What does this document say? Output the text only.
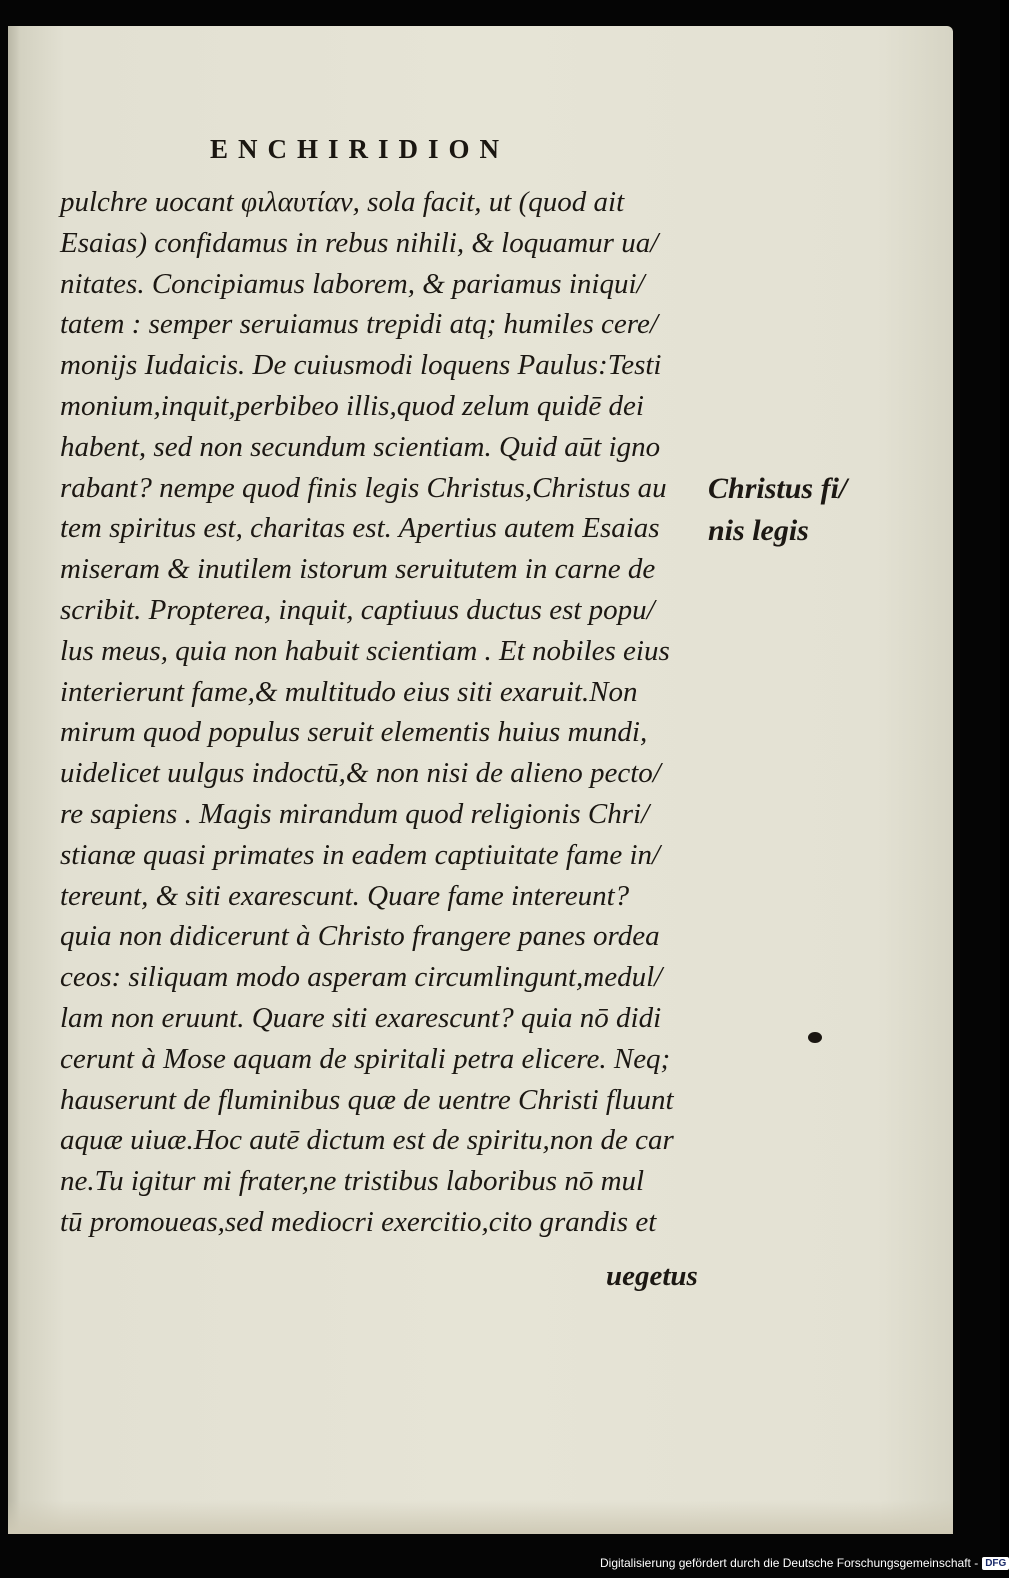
ENCHIRIDION
pulchre uocant φιλαυτίαν, sola facit, ut (quod ait
Esaias) confidamus in rebus nihili, & loquamur ua/
nitates. Concipiamus laborem, & pariamus iniqui/
tatem : semper seruiamus trepidi atq; humiles cere/
monijs Iudaicis. De cuiusmodi loquens Paulus:Testi
monium,inquit,perbibeo illis,quod zelum quidē dei
habent, sed non secundum scientiam. Quid aūt igno
rabant? nempe quod finis legis Christus,Christus au
tem spiritus est, charitas est. Apertius autem Esaias
miseram & inutilem istorum seruitutem in carne de
scribit. Propterea, inquit, captiuus ductus est popu/
lus meus, quia non habuit scientiam . Et nobiles eius
interierunt fame,& multitudo eius siti exaruit.Non
mirum quod populus seruit elementis huius mundi,
uidelicet uulgus indoctū,& non nisi de alieno pecto/
re sapiens . Magis mirandum quod religionis Chri/
stianæ quasi primates in eadem captiuitate fame in/
tereunt, & siti exarescunt. Quare fame intereunt?
quia non didicerunt à Christo frangere panes ordea
ceos: siliquam modo asperam circumlingunt,medul/
lam non eruunt. Quare siti exarescunt? quia nō didi
cerunt à Mose aquam de spiritali petra elicere. Neq;
hauserunt de fluminibus quæ de uentre Christi fluunt
aquæ uiuæ.Hoc autē dictum est de spiritu,non de car
ne.Tu igitur mi frater,ne tristibus laboribus nō mul
tū promoueas,sed mediocri exercitio,cito grandis et
Christus fi/
nis legis
uegetus
Digitalisierung gefördert durch die Deutsche Forschungsgemeinschaft - DFG
